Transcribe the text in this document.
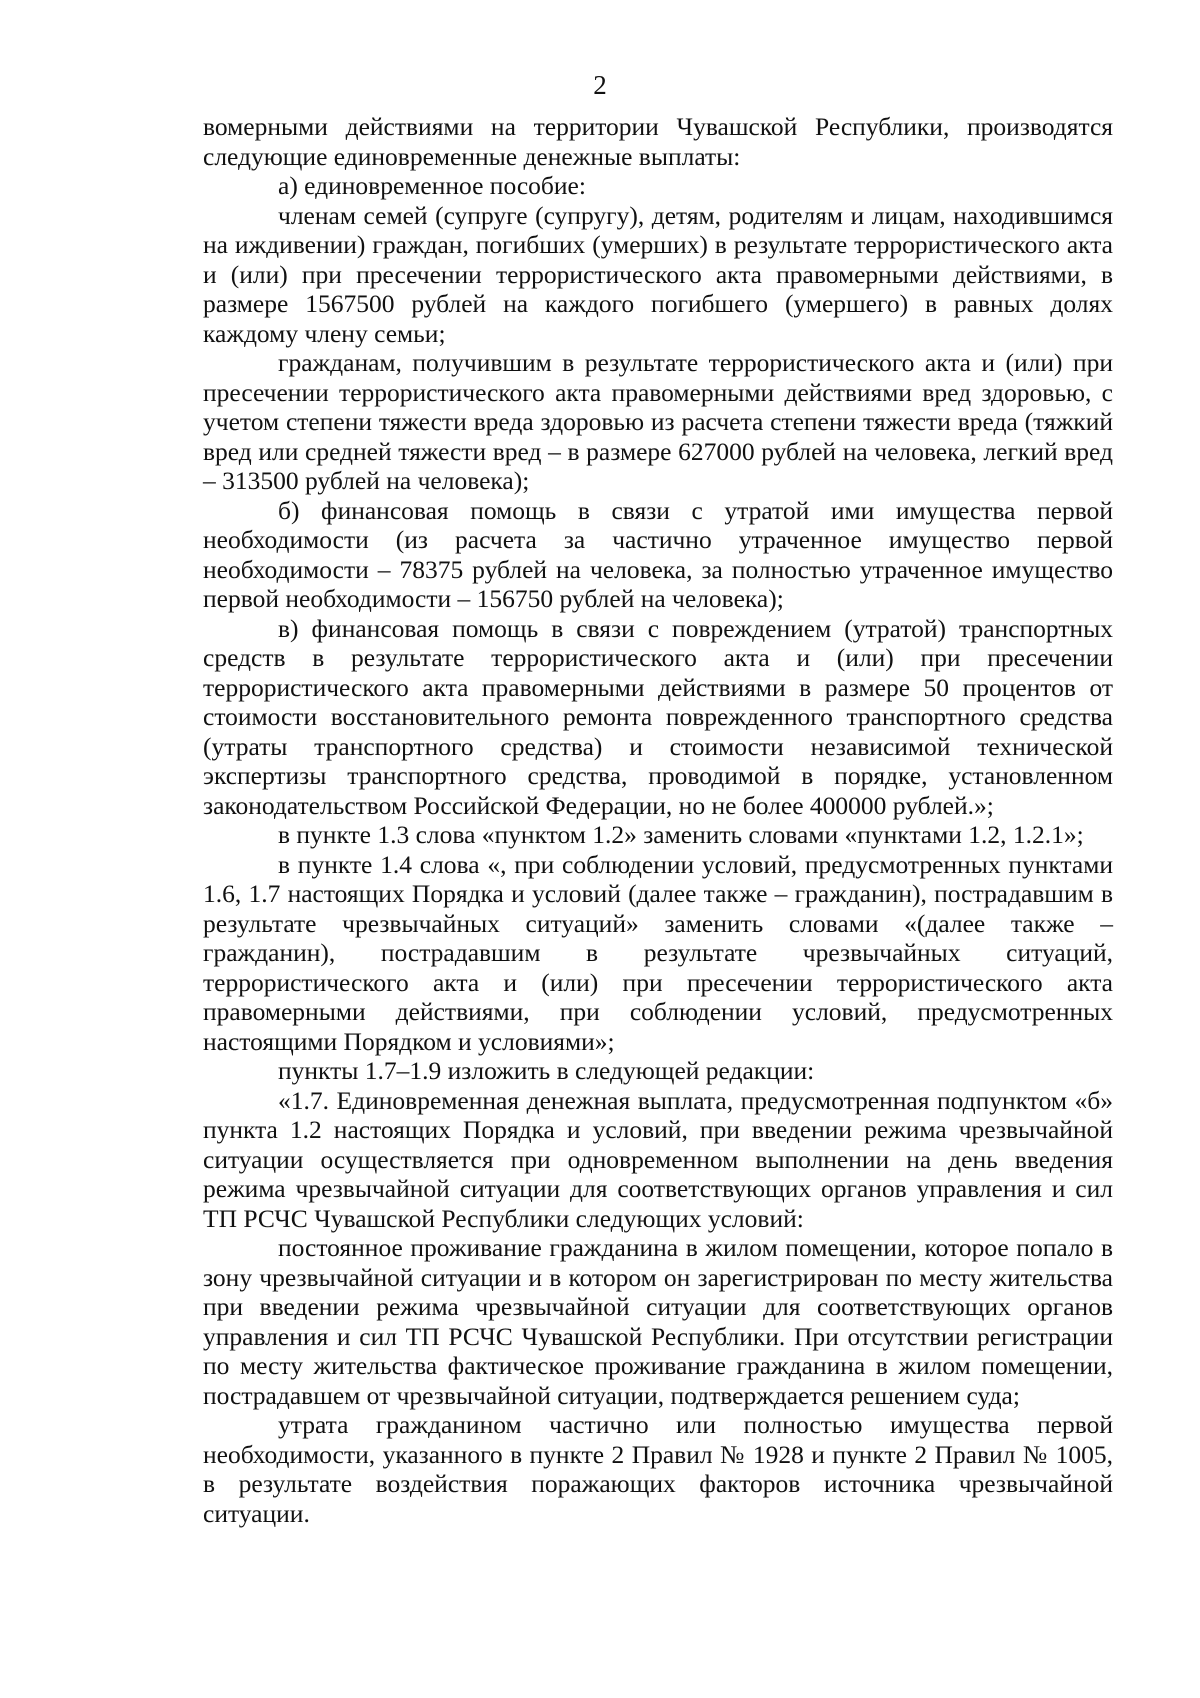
2

вомерными действиями на территории Чувашской Республики, производятся следующие единовременные денежные выплаты:

а) единовременное пособие:

членам семей (супруге (супругу), детям, родителям и лицам, находившимся на иждивении) граждан, погибших (умерших) в результате террористического акта и (или) при пресечении террористического акта правомерными действиями, в размере 1567500 рублей на каждого погибшего (умершего) в равных долях каждому члену семьи;

гражданам, получившим в результате террористического акта и (или) при пресечении террористического акта правомерными действиями вред здоровью, с учетом степени тяжести вреда здоровью из расчета степени тяжести вреда (тяжкий вред или средней тяжести вред – в размере 627000 рублей на человека, легкий вред – 313500 рублей на человека);

б) финансовая помощь в связи с утратой ими имущества первой необходимости (из расчета за частично утраченное имущество первой необходимости – 78375 рублей на человека, за полностью утраченное имущество первой необходимости – 156750 рублей на человека);

в) финансовая помощь в связи с повреждением (утратой) транспортных средств в результате террористического акта и (или) при пресечении террористического акта правомерными действиями в размере 50 процентов от стоимости восстановительного ремонта поврежденного транспортного средства (утраты транспортного средства) и стоимости независимой технической экспертизы транспортного средства, проводимой в порядке, установленном законодательством Российской Федерации, но не более 400000 рублей.»;

в пункте 1.3 слова «пунктом 1.2» заменить словами «пунктами 1.2, 1.2.1»;

в пункте 1.4 слова «, при соблюдении условий, предусмотренных пунктами 1.6, 1.7 настоящих Порядка и условий (далее также – гражданин), пострадавшим в результате чрезвычайных ситуаций» заменить словами «(далее также – гражданин), пострадавшим в результате чрезвычайных ситуаций, террористического акта и (или) при пресечении террористического акта правомерными действиями, при соблюдении условий, предусмотренных настоящими Порядком и условиями»;

пункты 1.7–1.9 изложить в следующей редакции:

«1.7. Единовременная денежная выплата, предусмотренная подпунктом «б» пункта 1.2 настоящих Порядка и условий, при введении режима чрезвычайной ситуации осуществляется при одновременном выполнении на день введения режима чрезвычайной ситуации для соответствующих органов управления и сил ТП РСЧС Чувашской Республики следующих условий:

постоянное проживание гражданина в жилом помещении, которое попало в зону чрезвычайной ситуации и в котором он зарегистрирован по месту жительства при введении режима чрезвычайной ситуации для соответствующих органов управления и сил ТП РСЧС Чувашской Республики. При отсутствии регистрации по месту жительства фактическое проживание гражданина в жилом помещении, пострадавшем от чрезвычайной ситуации, подтверждается решением суда;

утрата гражданином частично или полностью имущества первой необходимости, указанного в пункте 2 Правил № 1928 и пункте 2 Правил № 1005, в результате воздействия поражающих факторов источника чрезвычайной ситуации.
